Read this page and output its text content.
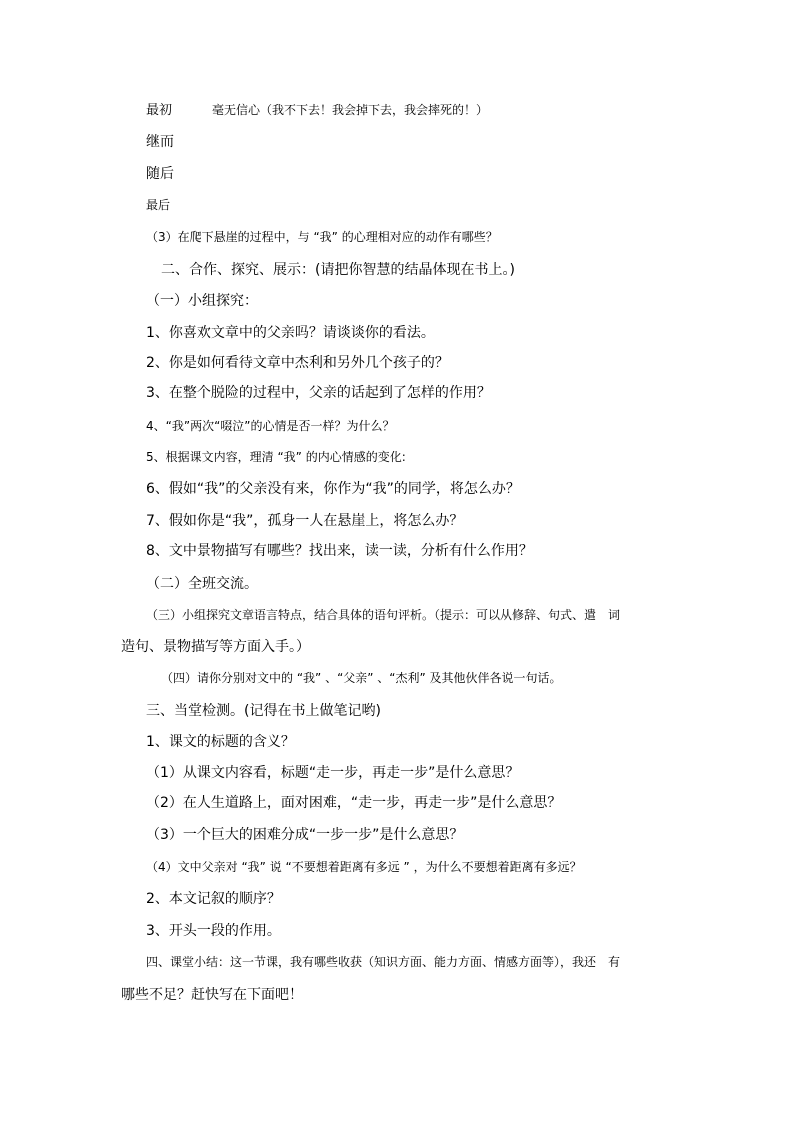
最初	毫无信心（我不下去！我会掉下去，我会摔死的！）
继而
随后
最后
（3）在爬下悬崖的过程中，与 “我” 的心理相对应的动作有哪些？
二、合作、探究、展示：(请把你智慧的结晶体现在书上。)
（一）小组探究：
1、你喜欢文章中的父亲吗？请谈谈你的看法。
2、你是如何看待文章中杰利和另外几个孩子的？
3、在整个脱险的过程中，父亲的话起到了怎样的作用？
4、“我”两次“啜泣”的心情是否一样？为什么？
5、根据课文内容，理清 “我” 的内心情感的变化:
6、假如“我”的父亲没有来，你作为“我”的同学，将怎么办？
7、假如你是“我”，孤身一人在悬崖上，将怎么办？
8、文中景物描写有哪些？找出来，读一读，分析有什么作用？
（二）全班交流。
（三）小组探究文章语言特点，结合具体的语句评析。（提示：可以从修辞、句式、遣　词
造句、景物描写等方面入手。）
（四）请你分别对文中的 “我” 、“父亲” 、“杰利” 及其他伙伴各说一句话。
三、当堂检测。(记得在书上做笔记哟)
1、课文的标题的含义？
（1）从课文内容看，标题“走一步，再走一步”是什么意思？
（2）在人生道路上，面对困难，“走一步，再走一步”是什么意思？
（3）一个巨大的困难分成“一步一步”是什么意思？
（4）文中父亲对 “我” 说 “不要想着距离有多远 ” ，为什么不要想着距离有多远？
2、本文记叙的顺序？
3、开头一段的作用。
四、课堂小结：这一节课，我有哪些收获（知识方面、能力方面、情感方面等），我还　有
哪些不足？赶快写在下面吧！
